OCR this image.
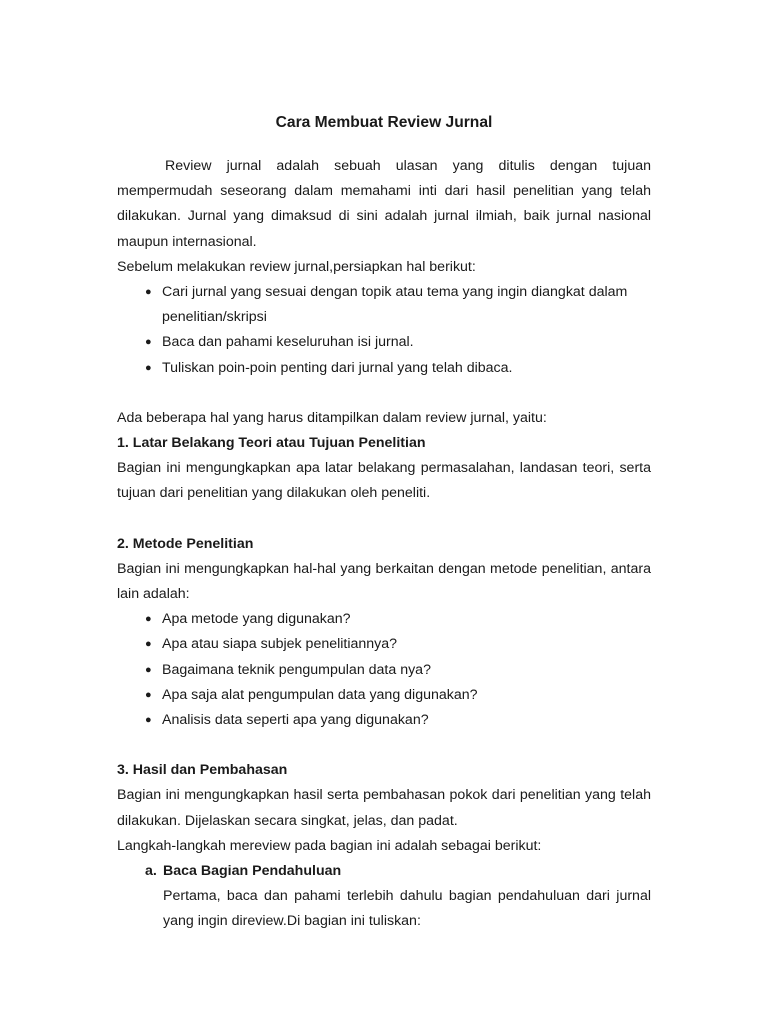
Cara Membuat Review Jurnal

Review jurnal adalah sebuah ulasan yang ditulis dengan tujuan mempermudah seseorang dalam memahami inti dari hasil penelitian yang telah dilakukan. Jurnal yang dimaksud di sini adalah jurnal ilmiah, baik jurnal nasional maupun internasional.

Sebelum melakukan review jurnal,persiapkan hal berikut:

● Cari jurnal yang sesuai dengan topik atau tema yang ingin diangkat dalam penelitian/skripsi
● Baca dan pahami keseluruhan isi jurnal.
● Tuliskan poin-poin penting dari jurnal yang telah dibaca.

Ada beberapa hal yang harus ditampilkan dalam review jurnal, yaitu:

1. Latar Belakang Teori atau Tujuan Penelitian

Bagian ini mengungkapkan apa latar belakang permasalahan, landasan teori, serta tujuan dari penelitian yang dilakukan oleh peneliti.

2. Metode Penelitian

Bagian ini mengungkapkan hal-hal yang berkaitan dengan metode penelitian, antara lain adalah:

● Apa metode yang digunakan?
● Apa atau siapa subjek penelitiannya?
● Bagaimana teknik pengumpulan data nya?
● Apa saja alat pengumpulan data yang digunakan?
● Analisis data seperti apa yang digunakan?
3. Hasil dan Pembahasan

Bagian ini mengungkapkan hasil serta pembahasan pokok dari penelitian yang telah dilakukan. Dijelaskan secara singkat, jelas, dan padat.

Langkah-langkah mereview pada bagian ini adalah sebagai berikut:

a. Baca Bagian Pendahuluan

Pertama, baca dan pahami terlebih dahulu bagian pendahuluan dari jurnal yang ingin direview.Di bagian ini tuliskan:
